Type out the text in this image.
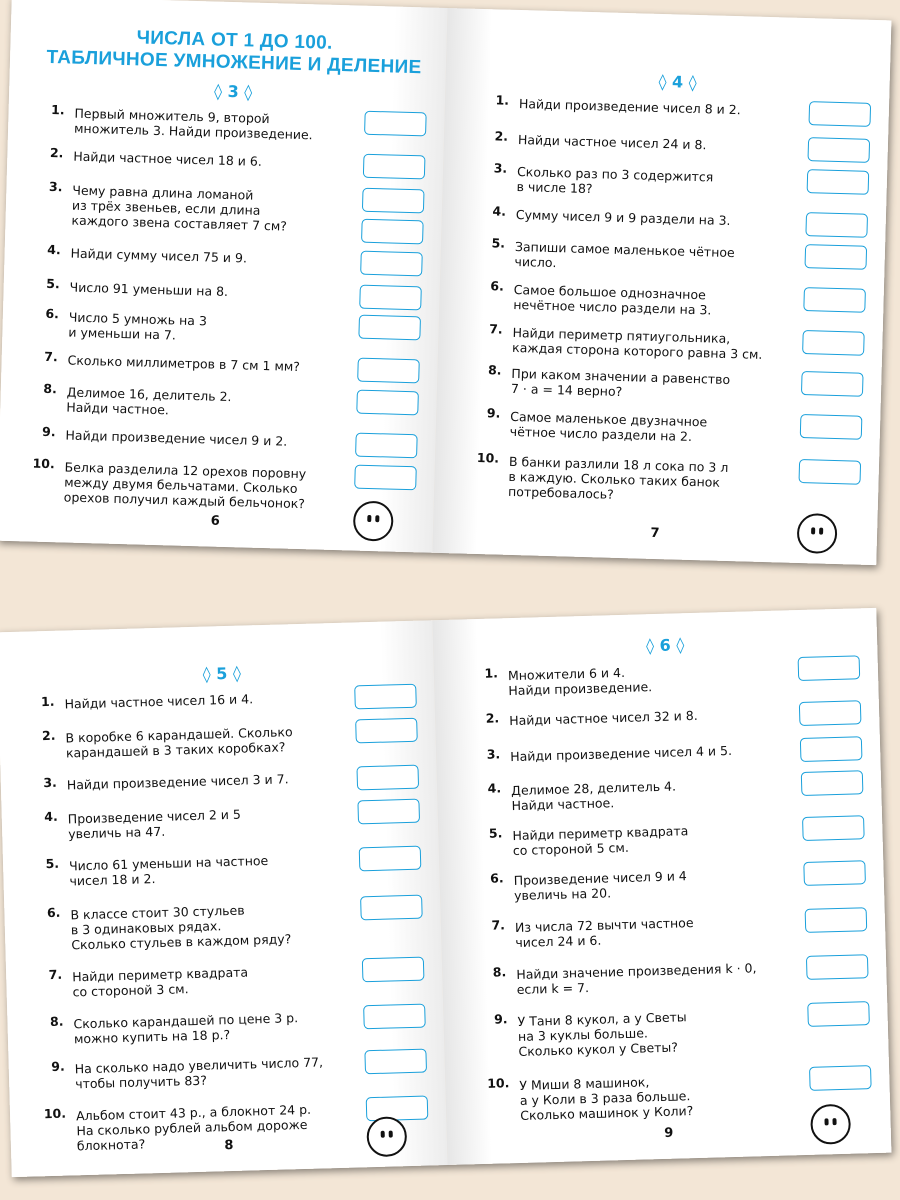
ЧИСЛА ОТ 1 ДО 100.
ТАБЛИЧНОЕ УМНОЖЕНИЕ И ДЕЛЕНИЕ
◊ 3 ◊
1. Первый множитель 9, второй
множитель 3. Найди произведение.
2. Найди частное чисел 18 и 6.
3. Чему равна длина ломаной
из трёх звеньев, если длина
каждого звена составляет 7 см?
4. Найди сумму чисел 75 и 9.
5. Число 91 уменьши на 8.
6. Число 5 умножь на 3
и уменьши на 7.
7. Сколько миллиметров в 7 см 1 мм?
8. Делимое 16, делитель 2.
Найди частное.
9. Найди произведение чисел 9 и 2.
10. Белка разделила 12 орехов поровну
между двумя бельчатами. Сколько
орехов получил каждый бельчонок?
6
◊ 4 ◊
1. Найди произведение чисел 8 и 2.
2. Найди частное чисел 24 и 8.
3. Сколько раз по 3 содержится
в числе 18?
4. Сумму чисел 9 и 9 раздели на 3.
5. Запиши самое маленькое чётное
число.
6. Самое большое однозначное
нечётное число раздели на 3.
7. Найди периметр пятиугольника,
каждая сторона которого равна 3 см.
8. При каком значении a равенство
7 · a = 14 верно?
9. Самое маленькое двузначное
чётное число раздели на 2.
10. В банки разлили 18 л сока по 3 л
в каждую. Сколько таких банок
потребовалось?
7
◊ 5 ◊
1. Найди частное чисел 16 и 4.
2. В коробке 6 карандашей. Сколько
карандашей в 3 таких коробках?
3. Найди произведение чисел 3 и 7.
4. Произведение чисел 2 и 5
увеличь на 47.
5. Число 61 уменьши на частное
чисел 18 и 2.
6. В классе стоит 30 стульев
в 3 одинаковых рядах.
Сколько стульев в каждом ряду?
7. Найди периметр квадрата
со стороной 3 см.
8. Сколько карандашей по цене 3 р.
можно купить на 18 р.?
9. На сколько надо увеличить число 77,
чтобы получить 83?
10. Альбом стоит 43 р., а блокнот 24 р.
На сколько рублей альбом дороже
блокнота?	8
◊ 6 ◊
1. Множители 6 и 4.
Найди произведение.
2. Найди частное чисел 32 и 8.
3. Найди произведение чисел 4 и 5.
4. Делимое 28, делитель 4.
Найди частное.
5. Найди периметр квадрата
со стороной 5 см.
6. Произведение чисел 9 и 4
увеличь на 20.
7. Из числа 72 вычти частное
чисел 24 и 6.
8. Найди значение произведения k · 0,
если k = 7.
9. У Тани 8 кукол, а у Светы
на 3 куклы больше.
Сколько кукол у Светы?
10. У Миши 8 машинок,
а у Коли в 3 раза больше.
Сколько машинок у Коли?
9
